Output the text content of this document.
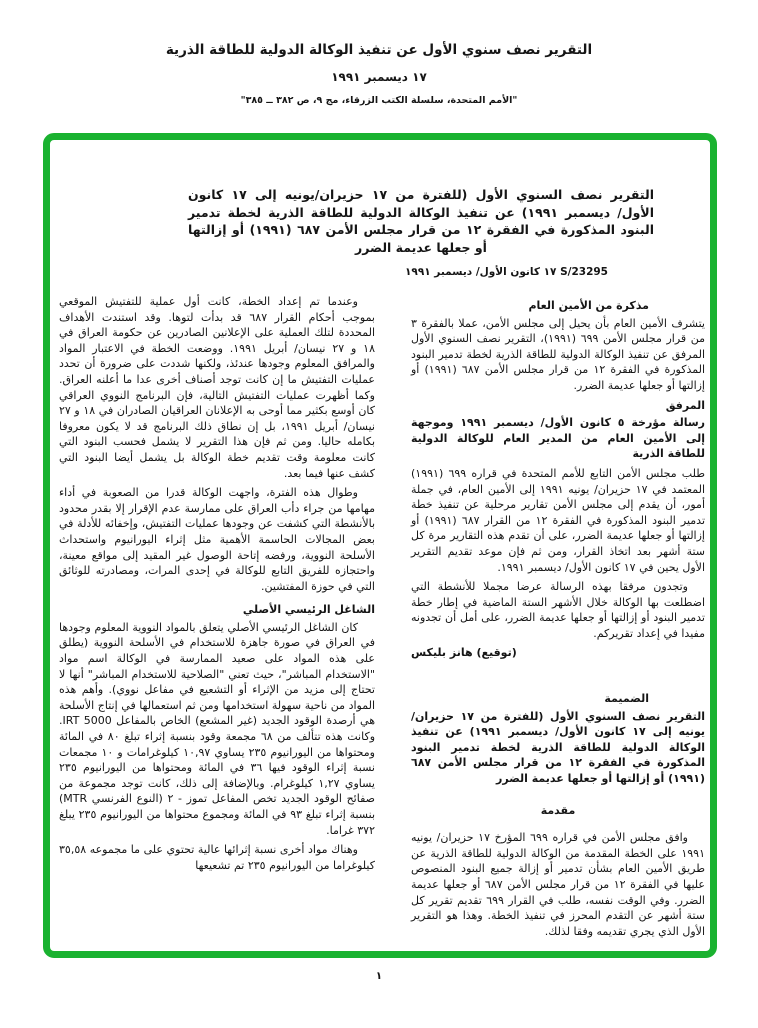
التقرير نصف سنوي الأول عن تنفيذ الوكالة الدولية للطاقة الذرية
١٧ ديسمبر ١٩٩١
"الأمم المتحدة، سلسلة الكتب الزرقاء، مج ٩، ص ٣٨٢ ــ ٣٨٥"
التقرير نصف السنوي الأول (للفترة من ١٧ حزيران/يونيه إلى ١٧ كانون الأول/ ديسمبر ١٩٩١) عن تنفيذ الوكالة الدولية للطاقة الذرية لخطة تدمير البنود المذكورة في الفقرة ١٢ من قرار مجلس الأمن ٦٨٧ (١٩٩١) أو إزالتها أو جعلها عديمة الضرر
S/23295 ١٧ كانون الأول/ ديسمبر ١٩٩١
مذكرة من الأمين العام
يتشرف الأمين العام بأن يحيل إلى مجلس الأمن، عملا بالفقرة ٣ من قرار مجلس الأمن ٦٩٩ (١٩٩١)، التقرير نصف السنوي الأول المرفق عن تنفيذ الوكالة الدولية للطاقة الذرية لخطة تدمير البنود المذكورة في الفقرة ١٢ من قرار مجلس الأمن ٦٨٧ (١٩٩١) أو إزالتها أو جعلها عديمة الضرر.
المرفق
رسالة مؤرخة ٥ كانون الأول/ ديسمبر ١٩٩١ وموجهة إلى الأمين العام من المدير العام للوكالة الدولية للطاقة الذرية
طلب مجلس الأمن التابع للأمم المتحدة في قراره ٦٩٩ (١٩٩١) المعتمد في ١٧ حزيران/ يونيه ١٩٩١ إلى الأمين العام، في جملة أمور، أن يقدم إلى مجلس الأمن تقارير مرحلية عن تنفيذ خطة تدمير البنود المذكورة في الفقرة ١٢ من القرار ٦٨٧ (١٩٩١) أو إزالتها أو جعلها عديمة الضرر، على أن تقدم هذه التقارير مرة كل ستة أشهر بعد اتخاذ القرار، ومن ثم فإن موعد تقديم التقرير الأول يحين في ١٧ كانون الأول/ ديسمبر ١٩٩١.
وتجدون مرفقا بهذه الرسالة عرضا مجملا للأنشطة التي اضطلعت بها الوكالة خلال الأشهر الستة الماضية في إطار خطة تدمير البنود أو إزالتها أو جعلها عديمة الضرر، على أمل أن تجدونه مفيدا في إعداد تقريركم.
(توقيع) هانز بليكس
الضميمة
التقرير نصف السنوي الأول (للفترة من ١٧ حزيران/ يونيه إلى ١٧ كانون الأول/ ديسمبر ١٩٩١) عن تنفيذ الوكالة الدولية للطاقة الذرية لخطة تدمير البنود المذكورة في الفقرة ١٢ من قرار مجلس الأمن ٦٨٧ (١٩٩١) أو إزالتها أو جعلها عديمة الضرر
مقدمة
وافق مجلس الأمن في قراره ٦٩٩ المؤرخ ١٧ حزيران/ يونيه ١٩٩١ على الخطة المقدمة من الوكالة الدولية للطاقة الذرية عن طريق الأمين العام بشأن تدمير أو إزالة جميع البنود المنصوص عليها في الفقرة ١٢ من قرار مجلس الأمن ٦٨٧ أو جعلها عديمة الضرر. وفي الوقت نفسه، طلب في القرار ٦٩٩ تقديم تقرير كل ستة أشهر عن التقدم المحرز في تنفيذ الخطة. وهذا هو التقرير الأول الذي يجري تقديمه وفقا لذلك.
وعندما تم إعداد الخطة، كانت أول عملية للتفتيش الموقعي بموجب أحكام القرار ٦٨٧ قد بدأت لتوها. وقد استندت الأهداف المحددة لتلك العملية على الإعلانين الصادرين عن حكومة العراق في ١٨ و ٢٧ نيسان/ أبريل ١٩٩١. ووضعت الخطة في الاعتبار المواد والمرافق المعلوم وجودها عندئذ، ولكنها شددت على ضرورة أن تحدد عمليات التفتيش ما إن كانت توجد أصناف أخرى عدا ما أعلنه العراق. وكما أظهرت عمليات التفتيش التالية، فإن البرنامج النووي العراقي كان أوسع بكثير مما أوحى به الإعلانان العراقيان الصادران في ١٨ و ٢٧ نيسان/ أبريل ١٩٩١، بل إن نطاق ذلك البرنامج قد لا يكون معروفا بكامله حاليا. ومن ثم فإن هذا التقرير لا يشمل فحسب البنود التي كانت معلومة وقت تقديم خطة الوكالة بل يشمل أيضا البنود التي كشف عنها فيما بعد.
وطوال هذه الفترة، واجهت الوكالة قدرا من الصعوبة في أداء مهامها من جراء دأب العراق على ممارسة عدم الإقرار إلا بقدر محدود بالأنشطة التي كشفت عن وجودها عمليات التفتيش، وإخفائه للأدلة في بعض المجالات الحاسمة الأهمية مثل إثراء اليورانيوم واستحداث الأسلحة النووية، ورفضه إتاحة الوصول غير المقيد إلى مواقع معينة، واحتجازه للفريق التابع للوكالة في إحدى المرات، ومصادرته للوثائق التي في حوزة المفتشين.
الشاغل الرئيسي الأصلي
كان الشاغل الرئيسي الأصلي يتعلق بالمواد النووية المعلوم وجودها في العراق في صورة جاهزة للاستخدام في الأسلحة النووية (يطلق على هذه المواد على صعيد الممارسة في الوكالة اسم مواد "الاستخدام المباشر"، حيث تعني "الصلاحية للاستخدام المباشر" أنها لا تحتاج إلى مزيد من الإثراء أو التشعيع في مفاعل نووي). وأهم هذه المواد من ناحية سهولة استخدامها ومن ثم استعمالها في إنتاج الأسلحة هي أرصدة الوقود الجديد (غير المشعع) الخاص بالمفاعل IRT 5000. وكانت هذه تتألف من ٦٨ مجمعة وقود بنسبة إثراء تبلغ ٨٠ في المائة ومحتواها من اليورانيوم ٢٣٥ يساوي ١٠,٩٧ كيلوغرامات و ١٠ مجمعات نسبة إثراء الوقود فيها ٣٦ في المائة ومحتواها من اليورانيوم ٢٣٥ يساوي ١,٢٧ كيلوغرام. وبالإضافة إلى ذلك، كانت توجد مجموعة من صفائح الوقود الجديد تخص المفاعل تموز - ٢ (النوع الفرنسي MTR) بنسبة إثراء تبلغ ٩٣ في المائة ومجموع محتواها من اليورانيوم ٢٣٥ يبلغ ٣٧٢ غراما.
وهناك مواد أخرى نسبة إثرائها عالية تحتوي على ما مجموعه ٣٥,٥٨ كيلوغراما من اليورانيوم ٢٣٥ تم تشعيعها
١
